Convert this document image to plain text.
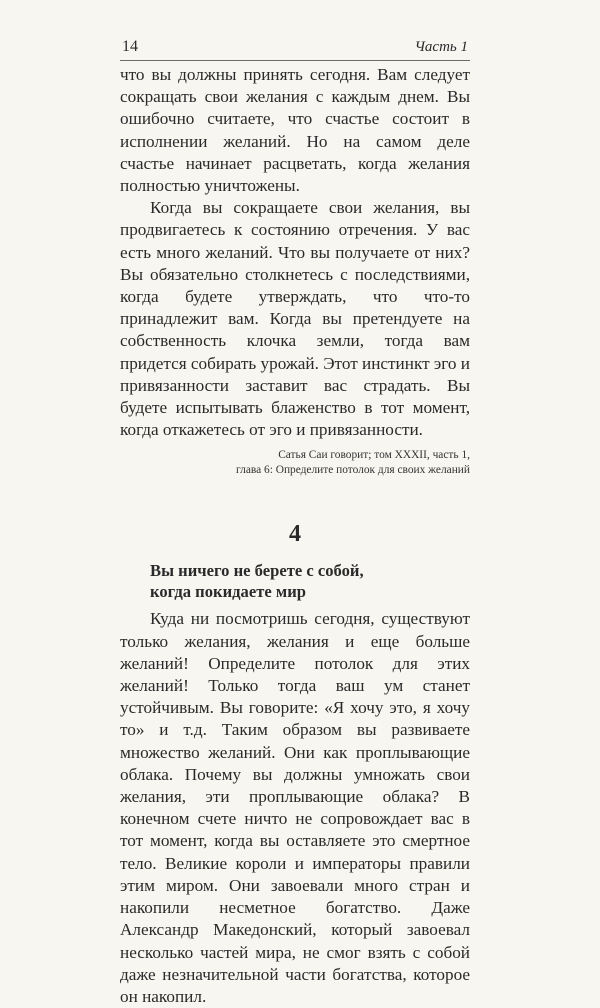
14	Часть 1

что вы должны принять сегодня. Вам следует сокращать свои желания с каждым днем. Вы ошибочно считаете, что счастье состоит в исполнении желаний. Но на самом деле счастье начинает расцветать, когда желания полностью уничтожены.

Когда вы сокращаете свои желания, вы продвигаетесь к состоянию отречения. У вас есть много желаний. Что вы получаете от них? Вы обязательно столкнетесь с последствиями, когда будете утверждать, что что-то принадлежит вам. Когда вы претендуете на собственность клочка земли, тогда вам придется собирать урожай. Этот инстинкт эго и привязанности заставит вас страдать. Вы будете испытывать блаженство в тот момент, когда откажетесь от эго и привязанности.

Сатья Саи говорит; том XXXII, часть 1,
глава 6: Определите потолок для своих желаний
4
Вы ничего не берете с собой,
когда покидаете мир

Куда ни посмотришь сегодня, существуют только желания, желания и еще больше желаний! Определите потолок для этих желаний! Только тогда ваш ум станет устойчивым. Вы говорите: «Я хочу это, я хочу то» и т.д. Таким образом вы развиваете множество желаний. Они как проплывающие облака. Почему вы должны умножать свои желания, эти проплывающие облака? В конечном счете ничто не сопровождает вас в тот момент, когда вы оставляете это смертное тело. Великие короли и императоры правили этим миром. Они завоевали много стран и накопили несметное богатство. Даже Александр Македонский, который завоевал несколько частей мира, не смог взять с собой даже незначительной части богатства, которое он накопил.
